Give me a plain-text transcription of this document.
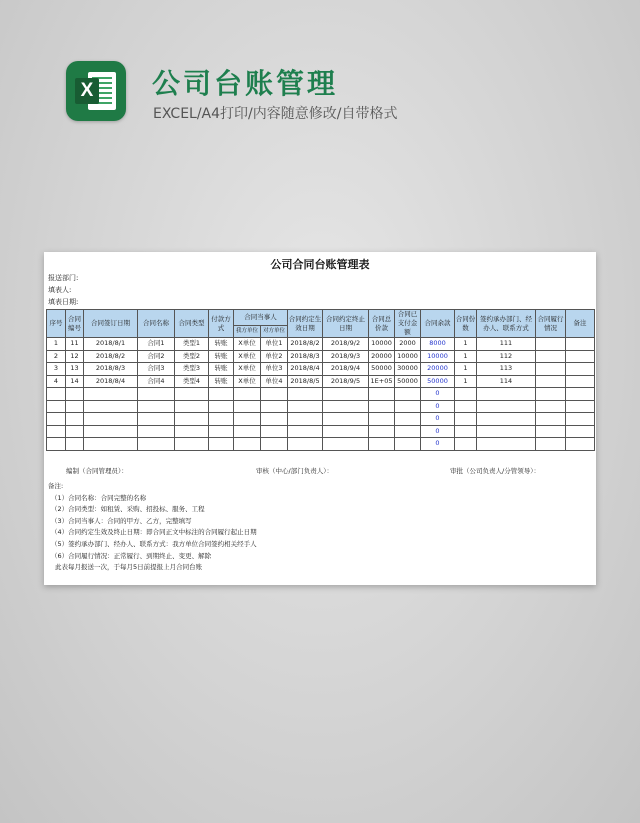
X 公司台账管理
EXCEL/A4打印/内容随意修改/自带格式
公司合同台账管理表
报送部门:
填表人:
填表日期:
序号	合同编号	合同签订日期	合同名称	合同类型	付款方式	合同当事人		合同约定生效日期	合同约定终止日期	合同总价款	合同已支付金额	合同余款	合同份数	签约承办部门、经办人、联系方式	合同履行情况	备注
						我方单位	对方单位									
1	11	2018/8/1	合同1	类型1	转账	X单位	单位1	2018/8/2	2018/9/2	10000	2000	8000	1	111		
2	12	2018/8/2	合同2	类型2	转账	X单位	单位2	2018/8/3	2018/9/3	20000	10000	10000	1	112		
3	13	2018/8/3	合同3	类型3	转账	X单位	单位3	2018/8/4	2018/9/4	50000	30000	20000	1	113		
4	14	2018/8/4	合同4	类型4	转账	X单位	单位4	2018/8/5	2018/9/5	1E+05	50000	50000	1	114		
												0				
												0				
												0				
												0				
												0				
编制（合同管理员）：	审核（中心/部门负责人）：	审批（公司负责人/分管领导）：
备注:
（1）合同名称：合同完整的名称
（2）合同类型：如租赁、采购、招投标、服务、工程
（3）合同当事人：合同的甲方、乙方，完整填写
（4）合同约定生效及终止日期：即合同正文中标注的合同履行起止日期
（5）签约承办部门、经办人、联系方式：我方单位合同签约相关经手人
（6）合同履行情况：正常履行、到期终止、变更、解除
此表每月报送一次，于每月5日前提报上月合同台账
